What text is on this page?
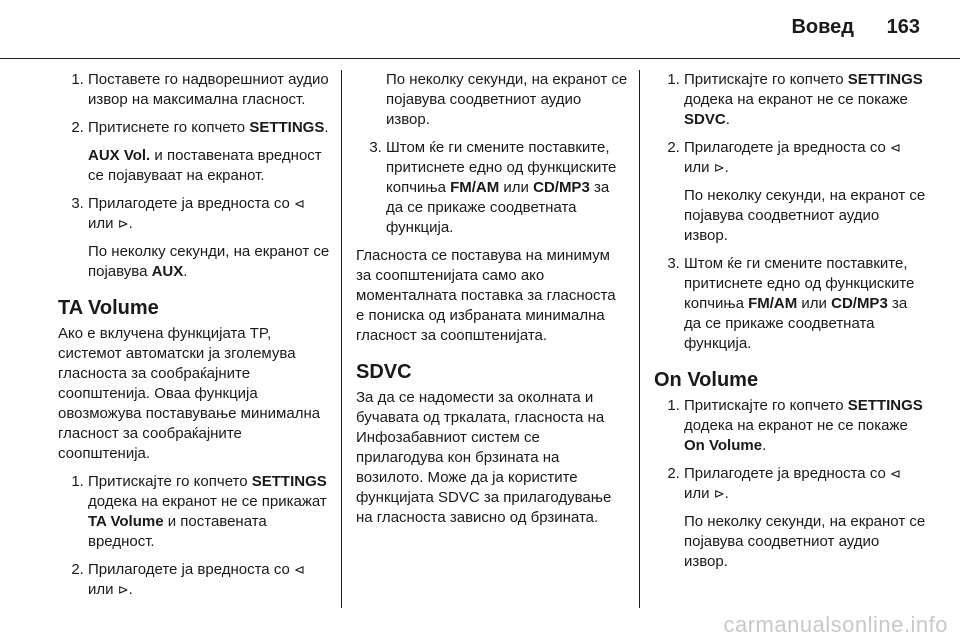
Вовед 163
1. Поставете го надворешниот аудио извор на максимална гласност.
2. Притиснете го копчето SETTINGS.

AUX Vol. и поставената вредност се појавуваат на екранот.

3. Прилагодете ја вредноста со ⊲ или ⊳.

По неколку секунди, на екранот се појавува AUX.

TA Volume

Ако е вклучена функцијата TP, системот автоматски ја зголемува гласноста за сообраќајните соопштенија. Оваа функција овозможува поставување минимална гласност за сообраќајните соопштенија.

1. Притискајте го копчето SETTINGS додека на екранот не се прикажат TA Volume и поставената вредност.
2. Прилагодете ја вредноста со ⊲ или ⊳.

По неколку секунди, на екранот се појавува соодветниот аудио извор.

3. Штом ќе ги смените поставките, притиснете едно од функциските копчиња FM/AM или CD/MP3 за да се прикаже соодветната функција.

Гласноста се поставува на минимум за соопштенијата само ако моменталната поставка за гласноста е пониска од избраната минимална гласност за соопштенијата.

SDVC

За да се надомести за околната и бучавата од тркалата, гласноста на Инфозабавниот систем се прилагодува кон брзината на возилото. Може да ја користите функцијата SDVC за прилагодување на гласноста зависно од брзината.

1. Притискајте го копчето SETTINGS додека на екранот не се покаже SDVC.
2. Прилагодете ја вредноста со ⊲ или ⊳.

По неколку секунди, на екранот се појавува соодветниот аудио извор.

3. Штом ќе ги смените поставките, притиснете едно од функциските копчиња FM/AM или CD/MP3 за да се прикаже соодветната функција.
On Volume
1. Притискајте го копчето SETTINGS додека на екранот не се покаже On Volume.
2. Прилагодете ја вредноста со ⊲ или ⊳.

По неколку секунди, на екранот се појавува соодветниот аудио извор.

carmanualsonline.info
